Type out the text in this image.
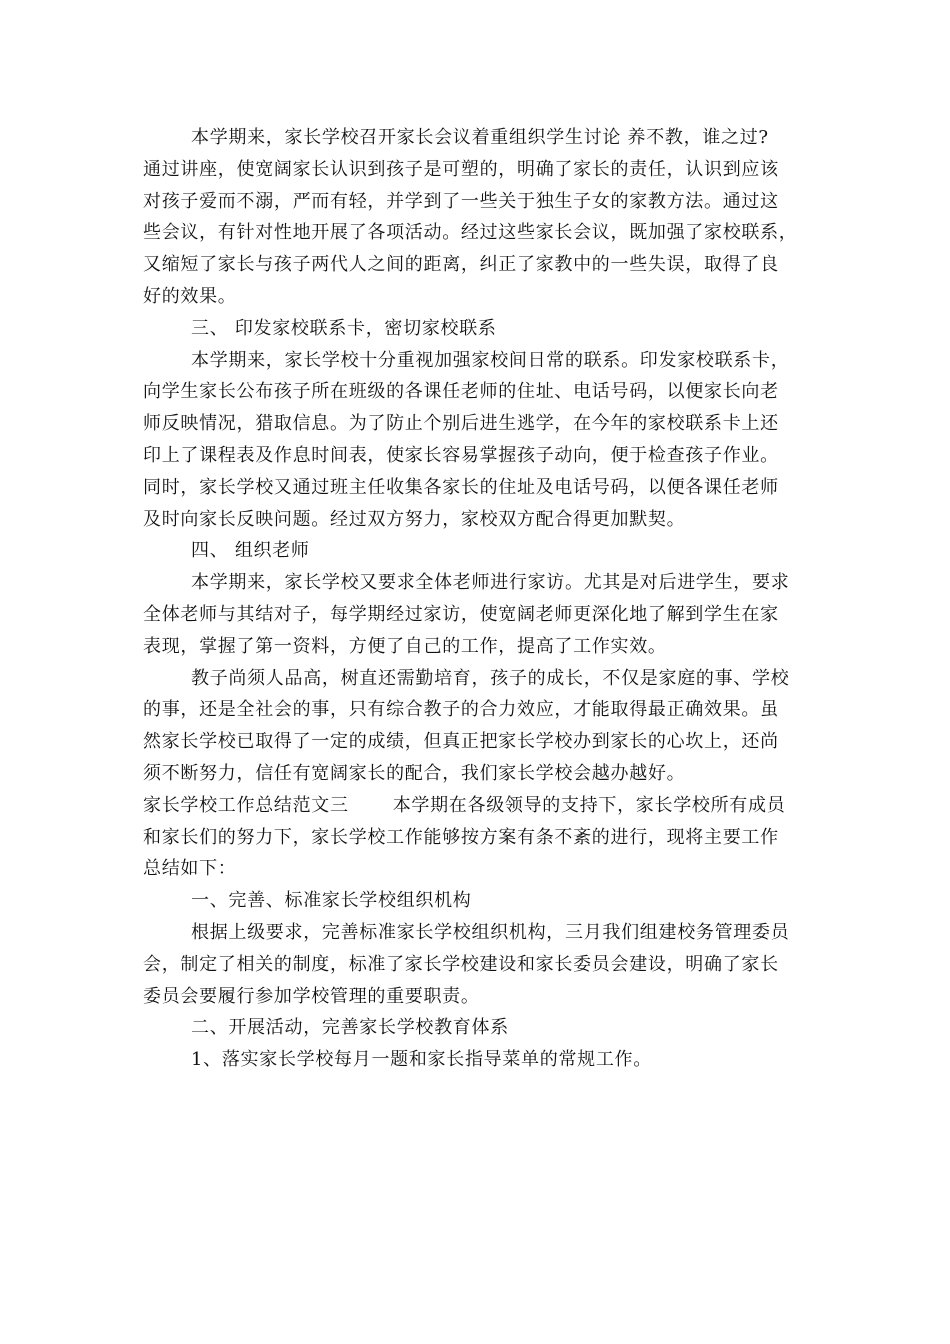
本学期来，家长学校召开家长会议着重组织学生讨论 养不教，谁之过?
通过讲座，使宽阔家长认识到孩子是可塑的，明确了家长的责任，认识到应该
对孩子爱而不溺，严而有轻，并学到了一些关于独生子女的家教方法。通过这
些会议，有针对性地开展了各项活动。经过这些家长会议，既加强了家校联系，
又缩短了家长与孩子两代人之间的距离，纠正了家教中的一些失误，取得了良
好的效果。
三、 印发家校联系卡，密切家校联系
本学期来，家长学校十分重视加强家校间日常的联系。印发家校联系卡，
向学生家长公布孩子所在班级的各课任老师的住址、电话号码，以便家长向老
师反映情况，猎取信息。为了防止个别后进生逃学，在今年的家校联系卡上还
印上了课程表及作息时间表，使家长容易掌握孩子动向，便于检查孩子作业。
同时，家长学校又通过班主任收集各家长的住址及电话号码，以便各课任老师
及时向家长反映问题。经过双方努力，家校双方配合得更加默契。
四、 组织老师
本学期来，家长学校又要求全体老师进行家访。尤其是对后进学生，要求
全体老师与其结对子，每学期经过家访，使宽阔老师更深化地了解到学生在家
表现，掌握了第一资料，方便了自己的工作，提高了工作实效。
教子尚须人品高，树直还需勤培育，孩子的成长，不仅是家庭的事、学校
的事，还是全社会的事，只有综合教子的合力效应，才能取得最正确效果。虽
然家长学校已取得了一定的成绩，但真正把家长学校办到家长的心坎上，还尚
须不断努力，信任有宽阔家长的配合，我们家长学校会越办越好。
家长学校工作总结范文三 本学期在各级领导的支持下，家长学校所有成员
和家长们的努力下，家长学校工作能够按方案有条不紊的进行，现将主要工作
总结如下：
一、完善、标准家长学校组织机构
根据上级要求，完善标准家长学校组织机构，三月我们组建校务管理委员
会，制定了相关的制度，标准了家长学校建设和家长委员会建设，明确了家长
委员会要履行参加学校管理的重要职责。
二、开展活动，完善家长学校教育体系
1、落实家长学校每月一题和家长指导菜单的常规工作。
